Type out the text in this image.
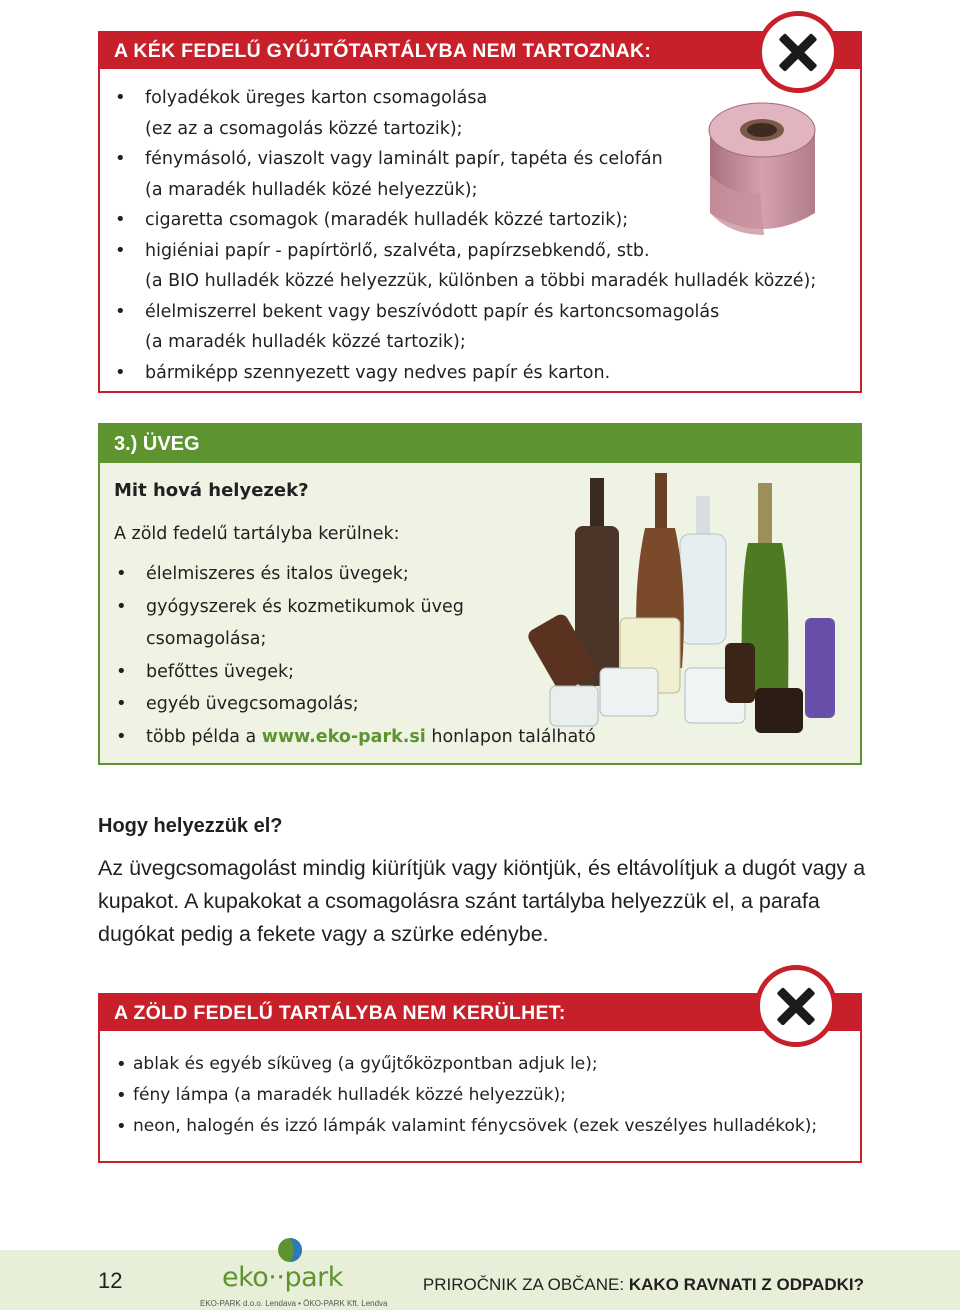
A KÉK FEDELŰ GYŰJTŐTARTÁLYBA NEM TARTOZNAK:
• folyadékok üreges karton csomagolása
(ez az a csomagolás közzé tartozik);
• fénymásoló, viaszolt vagy laminált papír, tapéta és celofán
(a maradék hulladék közé helyezzük);
• cigaretta csomagok (maradék hulladék közzé tartozik);
• higiéniai papír - papírtörlő, szalvéta, papírzsebkendő, stb.
(a BIO hulladék közzé helyezzük, különben a többi maradék hulladék közzé);
• élelmiszerrel bekent vagy beszívódott papír és kartoncsomagolás
(a maradék hulladék közzé tartozik);
• bármiképp szennyezett vagy nedves papír és karton.
3.) ÜVEG
Mit hová helyezek?
A zöld fedelű tartályba kerülnek:
• élelmiszeres és italos üvegek;
• gyógyszerek és kozmetikumok üveg
csomagolása;
• befőttes üvegek;
• egyéb üvegcsomagolás;
• több példa a www.eko-park.si honlapon található
Hogy helyezzük el?
Az üvegcsomagolást mindig kiürítjük vagy kiöntjük, és eltávolítjuk a dugót vagy a kupakot. A kupakokat a csomagolásra szánt tartályba helyezzük el, a parafa dugókat pedig a fekete vagy a szürke edénybe.
A ZÖLD FEDELŰ TARTÁLYBA NEM KERÜLHET:
• ablak és egyéb síküveg (a gyűjtőközpontban adjuk le);
• fény lámpa (a maradék hulladék közzé helyezzük);
• neon, halogén és izzó lámpák valamint fénycsövek (ezek veszélyes hulladékok);
12	eko··park
EKO-PARK d.o.o. Lendava • ÖKO-PARK Kft. Lendva
PRIROČNIK ZA OBČANE: KAKO RAVNATI Z ODPADKI?
